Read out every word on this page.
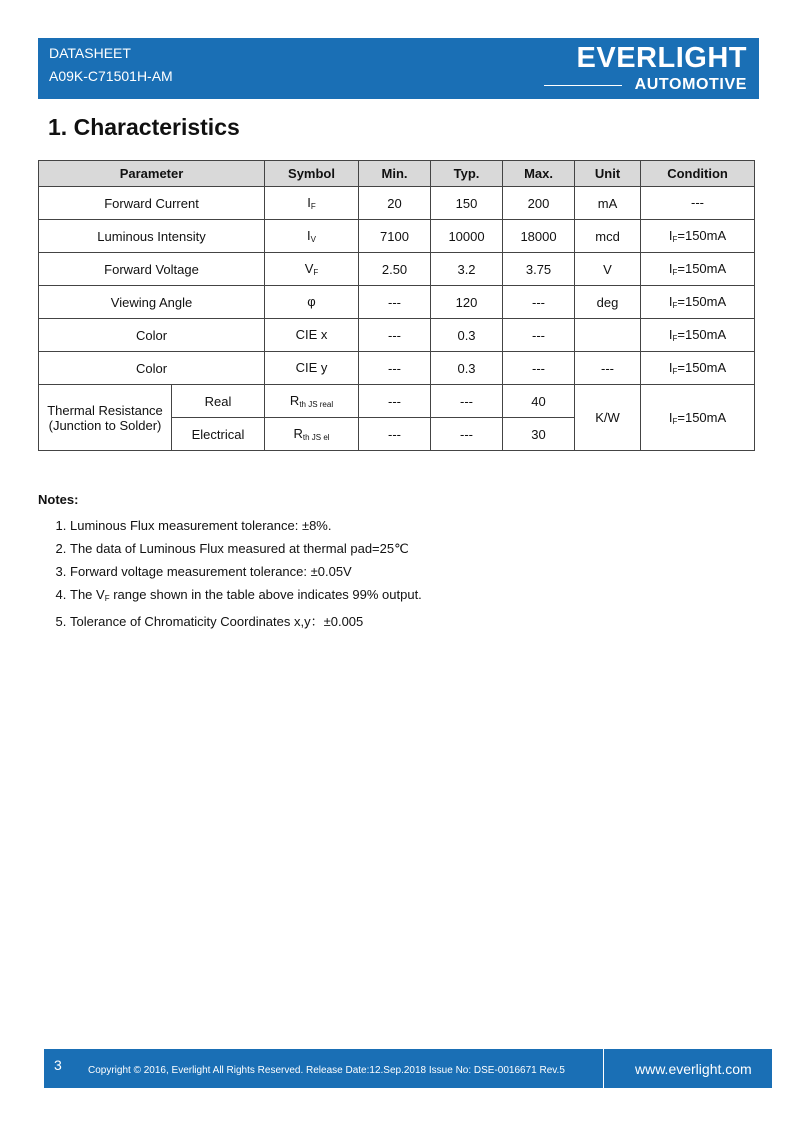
DATASHEET
A09K-C71501H-AM
EVERLIGHT
AUTOMOTIVE
1. Characteristics
Parameter		Symbol	Min.	Typ.	Max.	Unit	Condition
Forward Current		IF	20	150	200	mA	---
Luminous Intensity		IV	7100	10000	18000	mcd	IF=150mA
Forward Voltage		VF	2.50	3.2	3.75	V	IF=150mA
Viewing Angle		φ	---	120	---	deg	IF=150mA
Color		CIE x	---	0.3	---		IF=150mA
Color		CIE y	---	0.3	---	---	IF=150mA

Thermal Resistance
(Junction to Solder)	Real	Rth JS real	---	---	40	K/W	IF=150mA
	Electrical	Rth JS el	---	---	30		
Notes:
1. Luminous Flux measurement tolerance: ±8%.
2. The data of Luminous Flux measured at thermal pad=25℃
3. Forward voltage measurement tolerance: ±0.05V
4. The VF range shown in the table above indicates 99% output.
5. Tolerance of Chromaticity Coordinates x,y：±0.005
3	Copyright © 2016, Everlight All Rights Reserved. Release Date:12.Sep.2018 Issue No: DSE-0016671 Rev.5	www.everlight.com
